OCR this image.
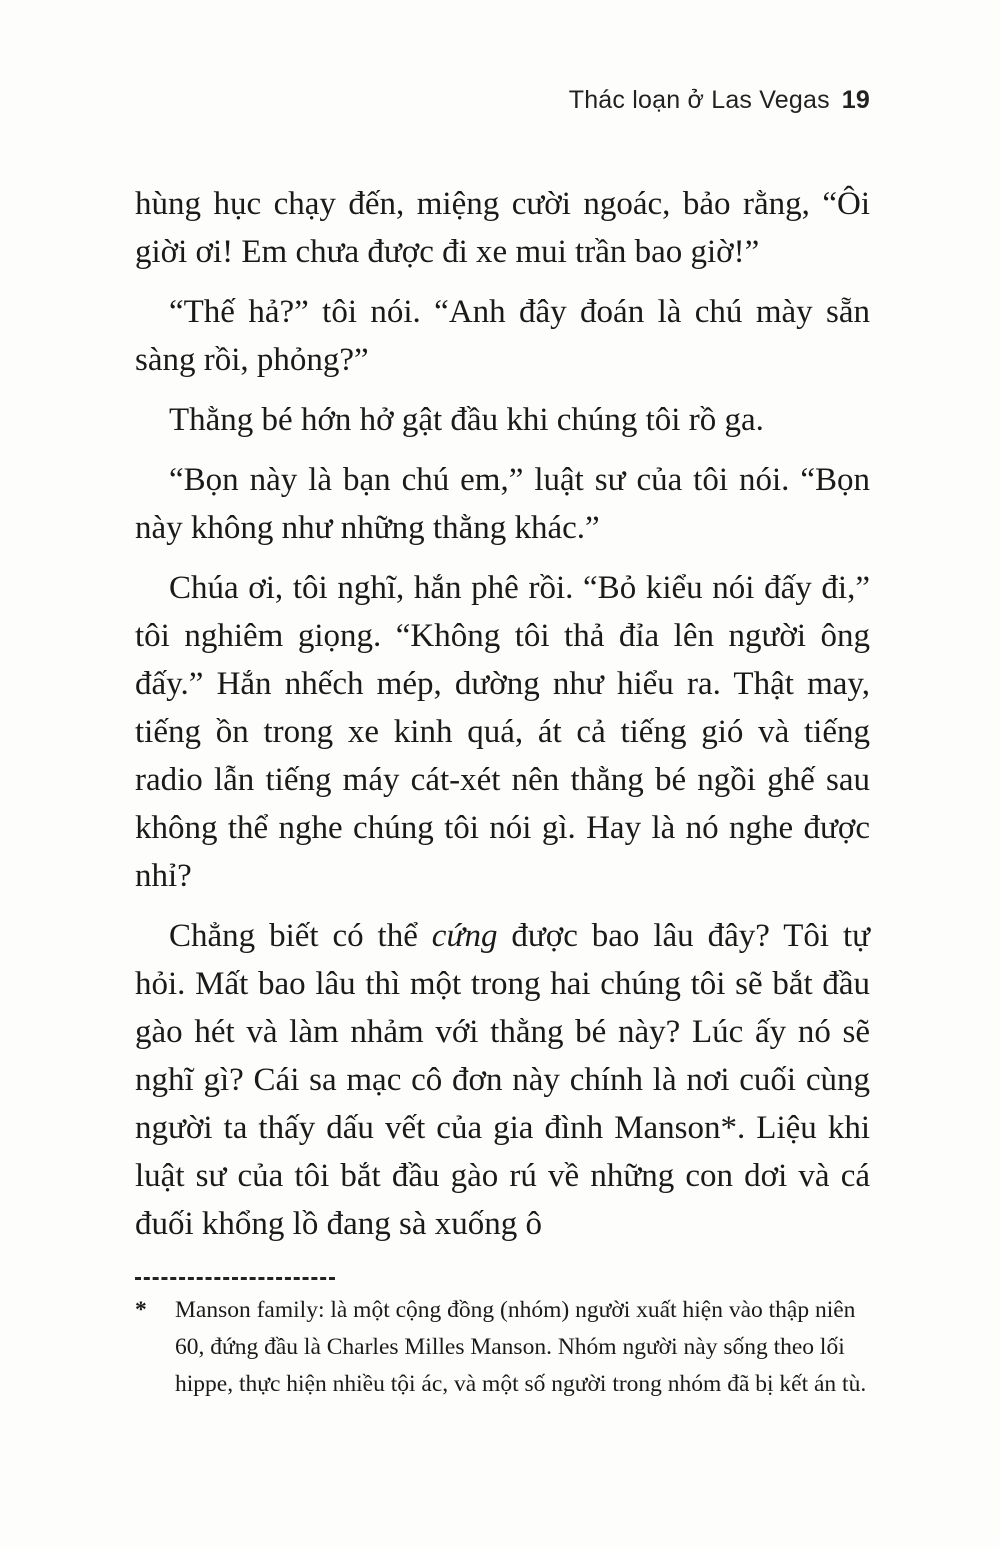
Thác loạn ở Las Vegas 19

hùng hục chạy đến, miệng cười ngoác, bảo rằng, “Ôi giời ơi! Em chưa được đi xe mui trần bao giờ!”

“Thế hả?” tôi nói. “Anh đây đoán là chú mày sẵn sàng rồi, phỏng?”

Thằng bé hớn hở gật đầu khi chúng tôi rồ ga.

“Bọn này là bạn chú em,” luật sư của tôi nói. “Bọn này không như những thằng khác.”

Chúa ơi, tôi nghĩ, hắn phê rồi. “Bỏ kiểu nói đấy đi,” tôi nghiêm giọng. “Không tôi thả đỉa lên người ông đấy.” Hắn nhếch mép, dường như hiểu ra. Thật may, tiếng ồn trong xe kinh quá, át cả tiếng gió và tiếng radio lẫn tiếng máy cát-xét nên thằng bé ngồi ghế sau không thể nghe chúng tôi nói gì. Hay là nó nghe được nhỉ?

Chẳng biết có thể cứng được bao lâu đây? Tôi tự hỏi. Mất bao lâu thì một trong hai chúng tôi sẽ bắt đầu gào hét và làm nhảm với thằng bé này? Lúc ấy nó sẽ nghĩ gì? Cái sa mạc cô đơn này chính là nơi cuối cùng người ta thấy dấu vết của gia đình Manson*. Liệu khi luật sư của tôi bắt đầu gào rú về những con dơi và cá đuối khổng lồ đang sà xuống ô

* Manson family: là một cộng đồng (nhóm) người xuất hiện vào thập niên 60, đứng đầu là Charles Milles Manson. Nhóm người này sống theo lối hippe, thực hiện nhiều tội ác, và một số người trong nhóm đã bị kết án tù.
